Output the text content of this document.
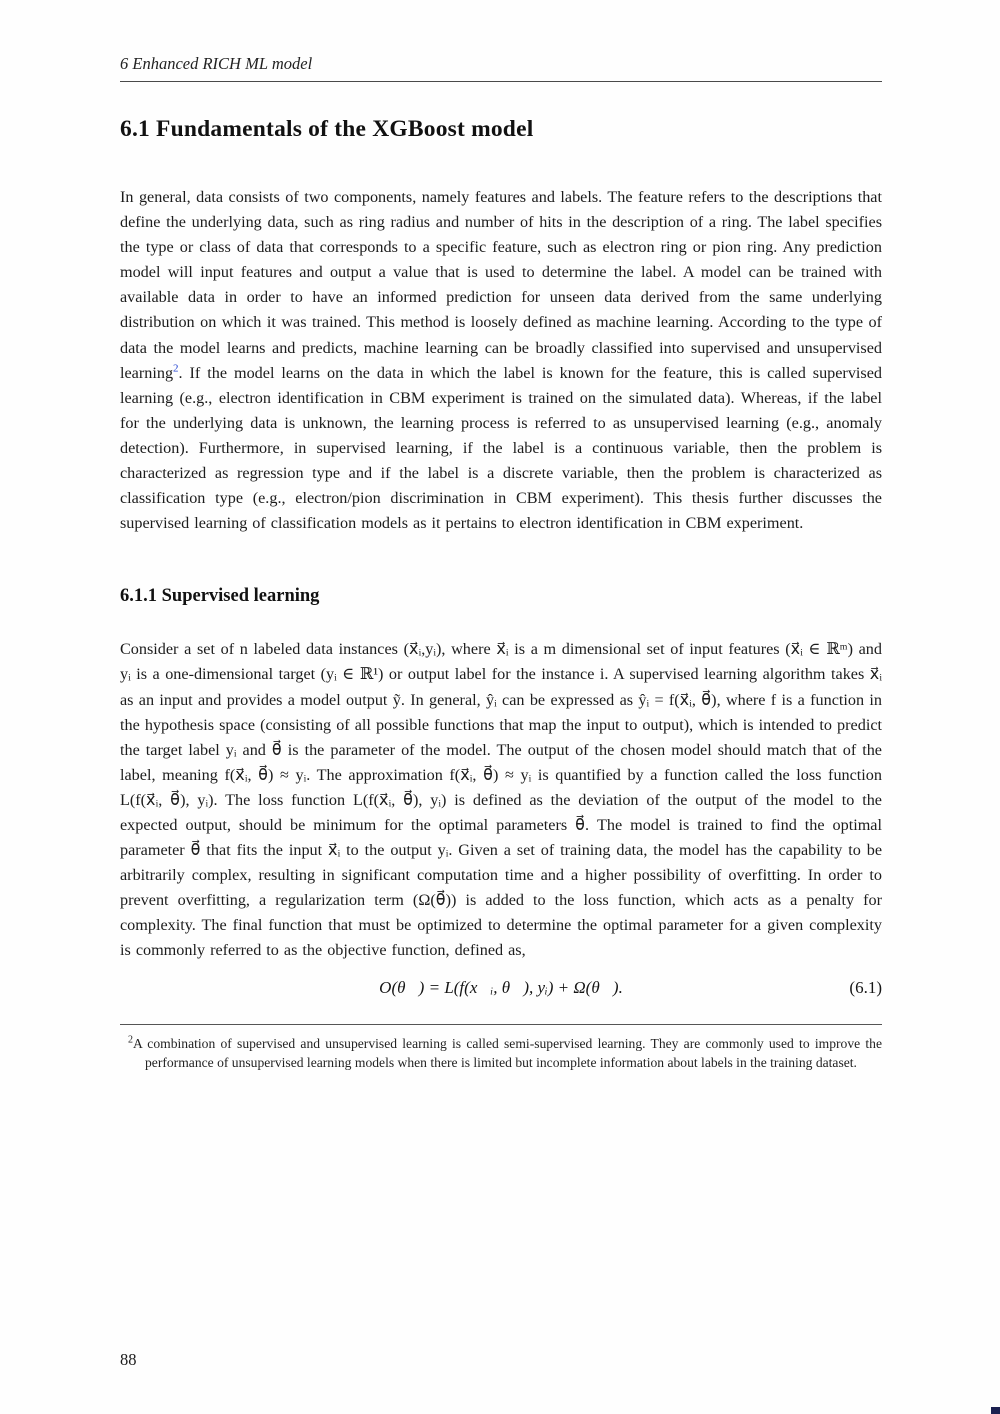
6 Enhanced RICH ML model
6.1 Fundamentals of the XGBoost model

In general, data consists of two components, namely features and labels. The feature refers to the descriptions that define the underlying data, such as ring radius and number of hits in the description of a ring. The label specifies the type or class of data that corresponds to a specific feature, such as electron ring or pion ring. Any prediction model will input features and output a value that is used to determine the label. A model can be trained with available data in order to have an informed prediction for unseen data derived from the same underlying distribution on which it was trained. This method is loosely defined as machine learning. According to the type of data the model learns and predicts, machine learning can be broadly classified into supervised and unsupervised learning$^2$. If the model learns on the data in which the label is known for the feature, this is called supervised learning (e.g., electron identification in CBM experiment is trained on the simulated data). Whereas, if the label for the underlying data is unknown, the learning process is referred to as unsupervised learning (e.g., anomaly detection). Furthermore, in supervised learning, if the label is a continuous variable, then the problem is characterized as regression type and if the label is a discrete variable, then the problem is characterized as classification type (e.g., electron/pion discrimination in CBM experiment). This thesis further discusses the supervised learning of classification models as it pertains to electron identification in CBM experiment.

6.1.1 Supervised learning

Consider a set of n labeled data instances (x⃗ᵢ,yᵢ), where x⃗ᵢ is a m dimensional set of input features (x⃗ᵢ ∈ ℝᵐ) and yᵢ is a one-dimensional target (yᵢ ∈ ℝ¹) or output label for the instance i. A supervised learning algorithm takes x⃗ᵢ as an input and provides a model output ỹ. In general, ŷᵢ can be expressed as ŷᵢ = f(x⃗ᵢ, θ⃗), where f is a function in the hypothesis space (consisting of all possible functions that map the input to output), which is intended to predict the target label yᵢ and θ⃗ is the parameter of the model. The output of the chosen model should match that of the label, meaning f(x⃗ᵢ, θ⃗) ≈ yᵢ. The approximation f(x⃗ᵢ, θ⃗) ≈ yᵢ is quantified by a function called the loss function L(f(x⃗ᵢ, θ⃗), yᵢ). The loss function L(f(x⃗ᵢ, θ⃗), yᵢ) is defined as the deviation of the output of the model to the expected output, should be minimum for the optimal parameters θ⃗. The model is trained to find the optimal parameter θ⃗ that fits the input x⃗ᵢ to the output yᵢ. Given a set of training data, the model has the capability to be arbitrarily complex, resulting in significant computation time and a higher possibility of overfitting. In order to prevent overfitting, a regularization term (Ω(θ⃗)) is added to the loss function, which acts as a penalty for complexity. The final function that must be optimized to determine the optimal parameter for a given complexity is commonly referred to as the objective function, defined as,

O(θ⃗) = L(f(x⃗ᵢ, θ⃗), yᵢ) + Ω(θ⃗).	(6.1)

$^2$A combination of supervised and unsupervised learning is called semi-supervised learning. They are commonly used to improve the performance of unsupervised learning models when there is limited but incomplete information about labels in the training dataset.

88
